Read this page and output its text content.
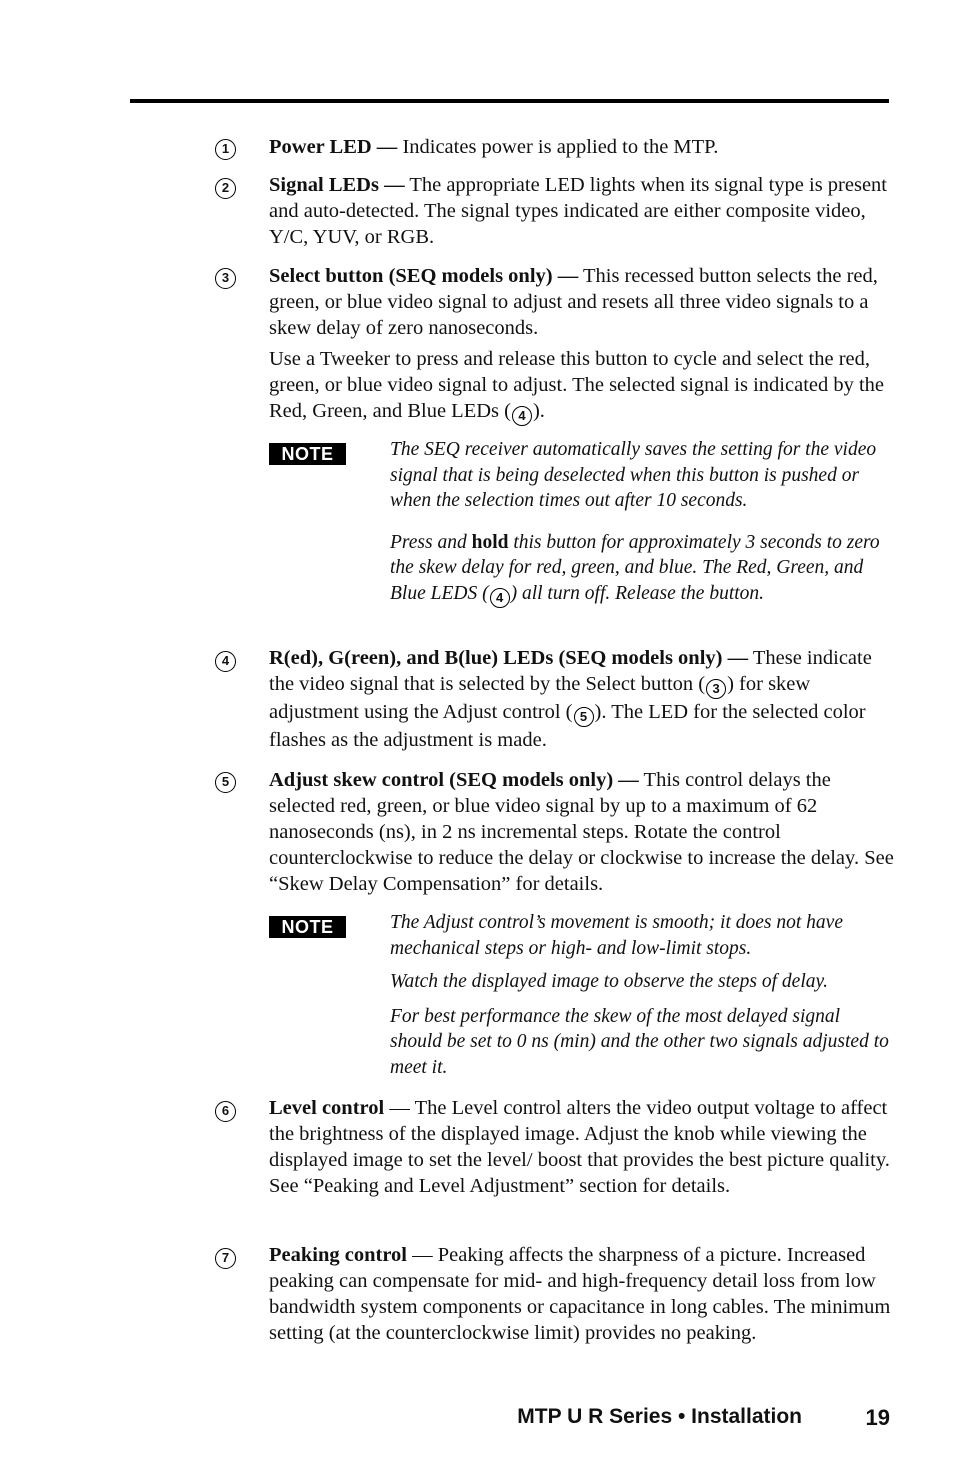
1	Power LED — Indicates power is applied to the MTP.

2	Signal LEDs — The appropriate LED lights when its signal type is present and auto-detected. The signal types indicated are either composite video, Y/C, YUV, or RGB.

3	Select button (SEQ models only) — This recessed button selects the red, green, or blue video signal to adjust and resets all three video signals to a skew delay of zero nanoseconds.

Use a Tweeker to press and release this button to cycle and select the red, green, or blue video signal to adjust. The selected signal is indicated by the Red, Green, and Blue LEDs ( 4 ).

NOTE	The SEQ receiver automatically saves the setting for the video signal that is being deselected when this button is pushed or when the selection times out after 10 seconds.

Press and hold this button for approximately 3 seconds to zero the skew delay for red, green, and blue. The Red, Green, and Blue LEDS ( 4 ) all turn off. Release the button.

4	R(ed), G(reen), and B(lue) LEDs (SEQ models only) — These indicate the video signal that is selected by the Select button ( 3 ) for skew adjustment using the Adjust control ( 5 ). The LED for the selected color flashes as the adjustment is made.

5	Adjust skew control (SEQ models only) — This control delays the selected red, green, or blue video signal by up to a maximum of 62 nanoseconds (ns), in 2 ns incremental steps. Rotate the control counterclockwise to reduce the delay or clockwise to increase the delay. See “Skew Delay Compensation” for details.

NOTE	The Adjust control’s movement is smooth; it does not have mechanical steps or high- and low-limit stops.

Watch the displayed image to observe the steps of delay.

For best performance the skew of the most delayed signal should be set to 0 ns (min) and the other two signals adjusted to meet it.

6	Level control — The Level control alters the video output voltage to affect the brightness of the displayed image. Adjust the knob while viewing the displayed image to set the level/ boost that provides the best picture quality. See “Peaking and Level Adjustment” section for details.

7	Peaking control — Peaking affects the sharpness of a picture. Increased peaking can compensate for mid- and high-frequency detail loss from low bandwidth system components or capacitance in long cables. The minimum setting (at the counterclockwise limit) provides no peaking.

MTP U R Series • Installation	19
